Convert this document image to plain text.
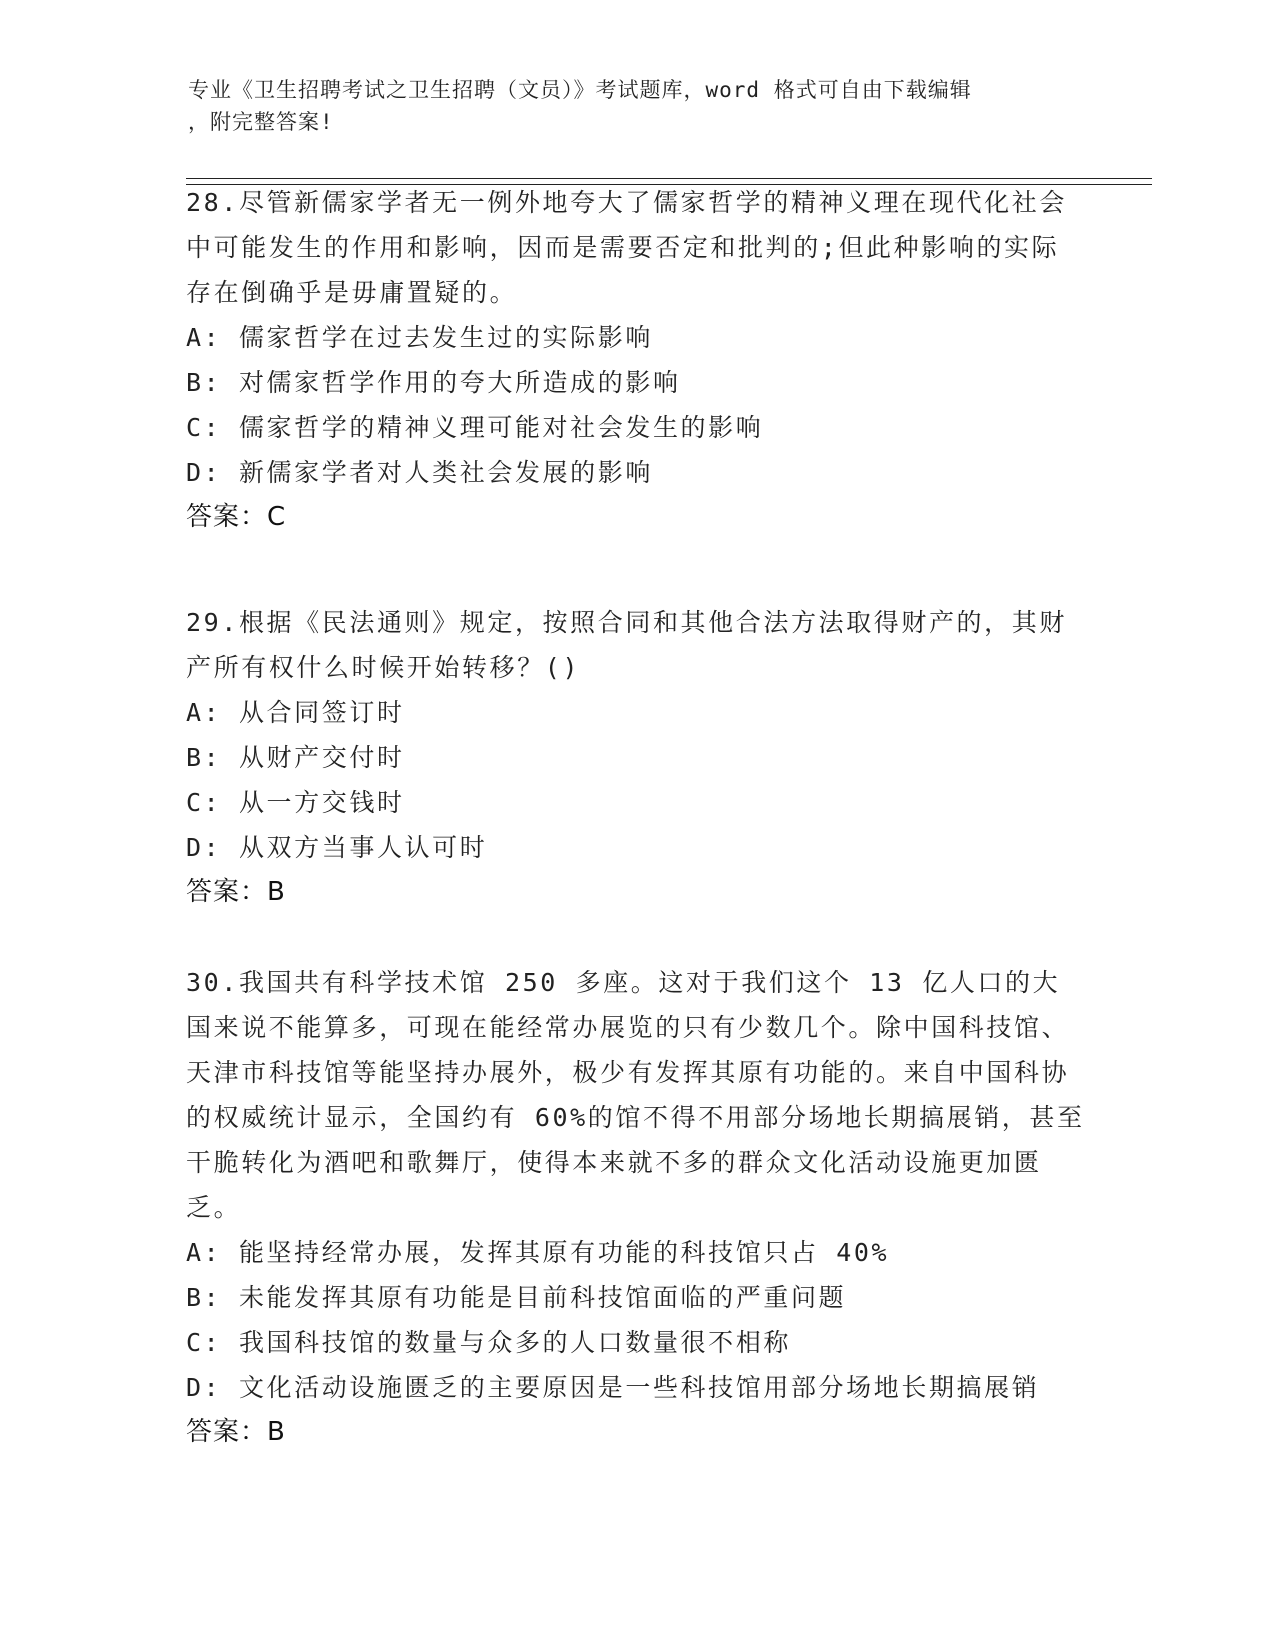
专业《卫生招聘考试之卫生招聘（文员）》考试题库，word 格式可自由下载编辑
，附完整答案!
28.尽管新儒家学者无一例外地夸大了儒家哲学的精神义理在现代化社会中可能发生的作用和影响，因而是需要否定和批判的;但此种影响的实际存在倒确乎是毋庸置疑的。
A: 儒家哲学在过去发生过的实际影响
B: 对儒家哲学作用的夸大所造成的影响
C: 儒家哲学的精神义理可能对社会发生的影响
D: 新儒家学者对人类社会发展的影响
答案：C
29.根据《民法通则》规定，按照合同和其他合法方法取得财产的，其财产所有权什么时候开始转移？()
A: 从合同签订时
B: 从财产交付时
C: 从一方交钱时
D: 从双方当事人认可时
答案：B
30.我国共有科学技术馆 250 多座。这对于我们这个 13 亿人口的大国来说不能算多，可现在能经常办展览的只有少数几个。除中国科技馆、天津市科技馆等能坚持办展外，极少有发挥其原有功能的。来自中国科协的权威统计显示，全国约有 60%的馆不得不用部分场地长期搞展销，甚至干脆转化为酒吧和歌舞厅，使得本来就不多的群众文化活动设施更加匮乏。
A: 能坚持经常办展，发挥其原有功能的科技馆只占 40%
B: 未能发挥其原有功能是目前科技馆面临的严重问题
C: 我国科技馆的数量与众多的人口数量很不相称
D: 文化活动设施匮乏的主要原因是一些科技馆用部分场地长期搞展销
答案：B
